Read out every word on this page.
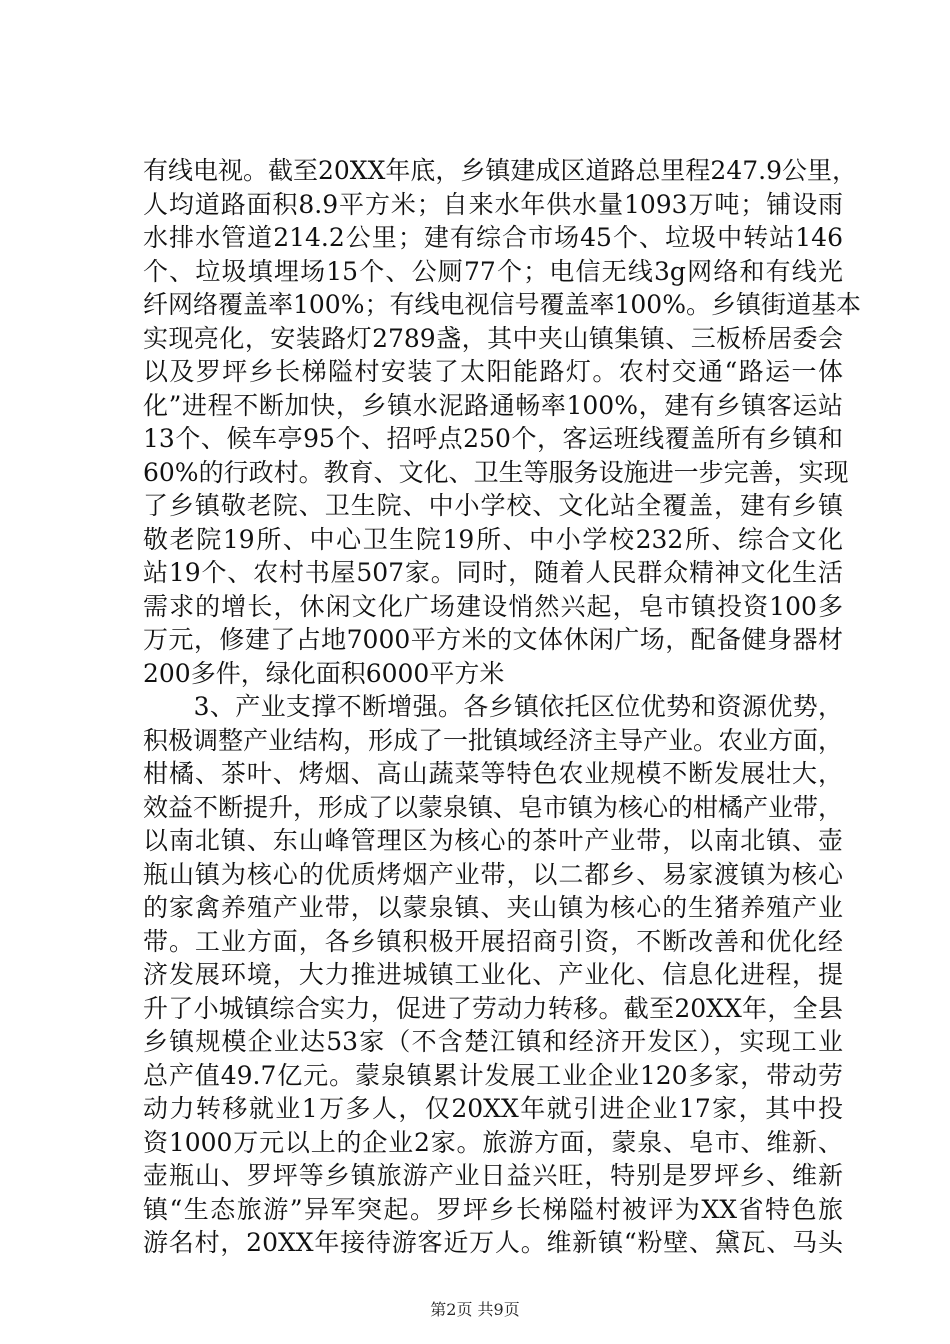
有线电视。截至20XX年底，乡镇建成区道路总里程247.9公里，
人均道路面积8.9平方米；自来水年供水量1093万吨；铺设雨
水排水管道214.2公里；建有综合市场45个、垃圾中转站146
个、垃圾填埋场15个、公厕77个；电信无线3g网络和有线光
纤网络覆盖率100%；有线电视信号覆盖率100%。乡镇街道基本
实现亮化，安装路灯2789盏，其中夹山镇集镇、三板桥居委会
以及罗坪乡长梯隘村安装了太阳能路灯。农村交通“路运一体
化”进程不断加快，乡镇水泥路通畅率100%，建有乡镇客运站
13个、候车亭95个、招呼点250个，客运班线覆盖所有乡镇和
60%的行政村。教育、文化、卫生等服务设施进一步完善，实现
了乡镇敬老院、卫生院、中小学校、文化站全覆盖，建有乡镇
敬老院19所、中心卫生院19所、中小学校232所、综合文化
站19个、农村书屋507家。同时，随着人民群众精神文化生活
需求的增长，休闲文化广场建设悄然兴起，皂市镇投资100多
万元，修建了占地7000平方米的文体休闲广场，配备健身器材
200多件，绿化面积6000平方米
　　3、产业支撑不断增强。各乡镇依托区位优势和资源优势，
积极调整产业结构，形成了一批镇域经济主导产业。农业方面，
柑橘、茶叶、烤烟、高山蔬菜等特色农业规模不断发展壮大，
效益不断提升，形成了以蒙泉镇、皂市镇为核心的柑橘产业带，
以南北镇、东山峰管理区为核心的茶叶产业带，以南北镇、壶
瓶山镇为核心的优质烤烟产业带，以二都乡、易家渡镇为核心
的家禽养殖产业带，以蒙泉镇、夹山镇为核心的生猪养殖产业
带。工业方面，各乡镇积极开展招商引资，不断改善和优化经
济发展环境，大力推进城镇工业化、产业化、信息化进程，提
升了小城镇综合实力，促进了劳动力转移。截至20XX年，全县
乡镇规模企业达53家（不含楚江镇和经济开发区），实现工业
总产值49.7亿元。蒙泉镇累计发展工业企业120多家，带动劳
动力转移就业1万多人，仅20XX年就引进企业17家，其中投
资1000万元以上的企业2家。旅游方面，蒙泉、皂市、维新、
壶瓶山、罗坪等乡镇旅游产业日益兴旺，特别是罗坪乡、维新
镇“生态旅游”异军突起。罗坪乡长梯隘村被评为XX省特色旅
游名村，20XX年接待游客近万人。维新镇“粉壁、黛瓦、马头
第2页 共9页
